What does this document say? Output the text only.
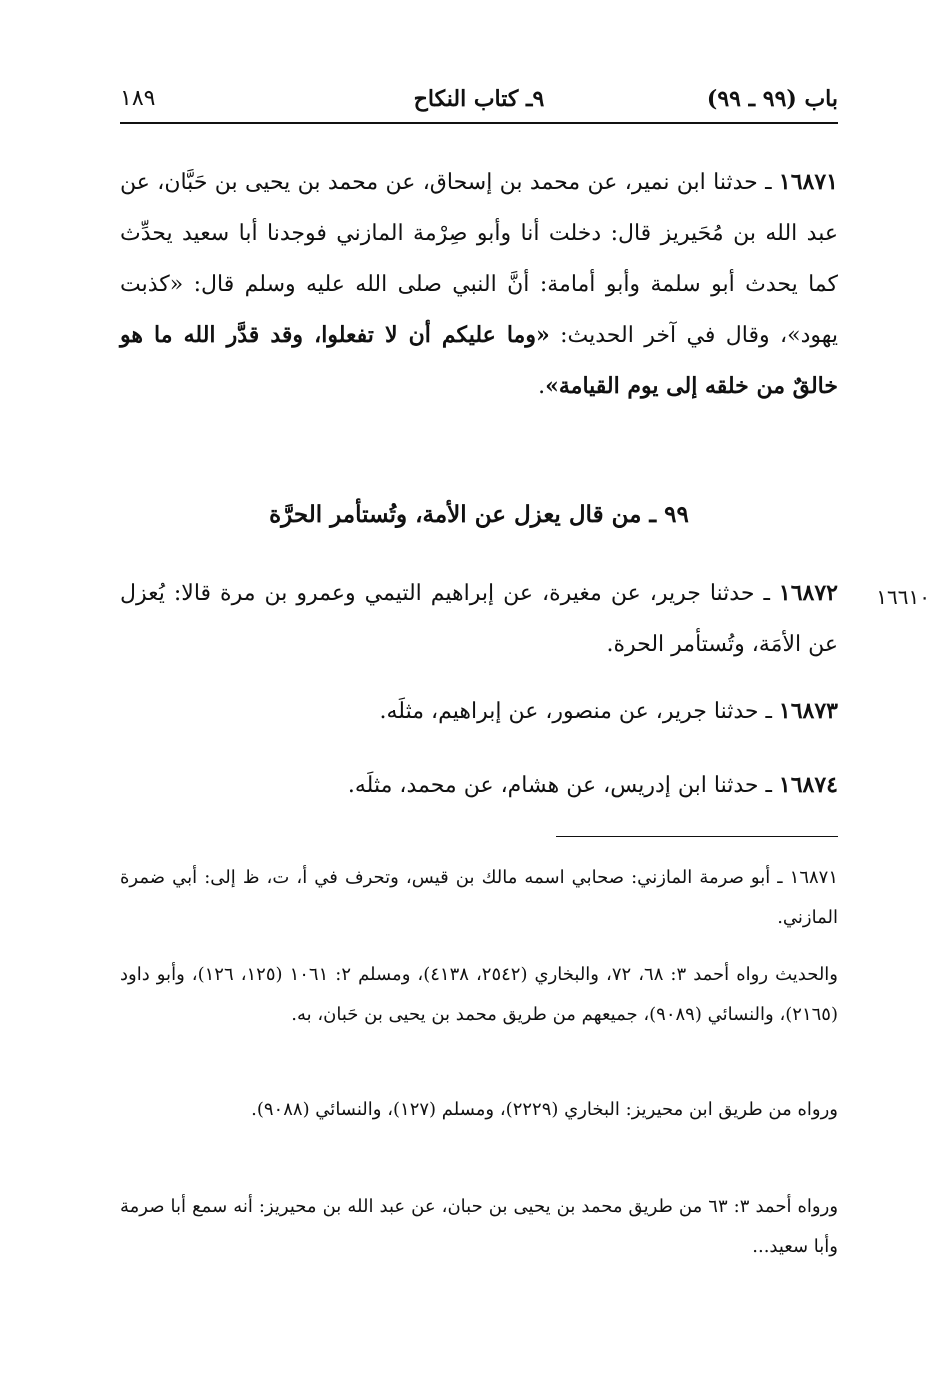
باب (٩٩ ـ ٩٩)
٩ـ كتاب النكاح
١٨٩
١٦٨٧١ ـ حدثنا ابن نمير، عن محمد بن إسحاق، عن محمد بن يحيى بن حَبَّان، عن عبد الله بن مُحَيريز قال: دخلت أنا وأبو صِرْمة المازني فوجدنا أبا سعيد يحدِّث كما يحدث أبو سلمة وأبو أمامة: أنَّ النبي صلى الله عليه وسلم قال: «كذبت يهود»، وقال في آخر الحديث: «وما عليكم أن لا تفعلوا، وقد قدَّر الله ما هو خالقٌ من خلقه إلى يوم القيامة».
٩٩ ـ من قال يعزل عن الأمة، وتُستأمر الحرَّة
١٦٦١٠
١٦٨٧٢ ـ حدثنا جرير، عن مغيرة، عن إبراهيم التيمي وعمرو بن مرة قالا: يُعزل عن الأمَة، وتُستأمر الحرة.
١٦٨٧٣ ـ حدثنا جرير، عن منصور، عن إبراهيم، مثلَه.
١٦٨٧٤ ـ حدثنا ابن إدريس، عن هشام، عن محمد، مثلَه.
١٦٨٧١ ـ أبو صرمة المازني: صحابي اسمه مالك بن قيس، وتحرف في أ، ت، ظ إلى: أبي ضمرة المازني.
والحديث رواه أحمد ٣: ٦٨، ٧٢، والبخاري (٢٥٤٢، ٤١٣٨)، ومسلم ٢: ١٠٦١ (١٢٥، ١٢٦)، وأبو داود (٢١٦٥)، والنسائي (٩٠٨٩)، جميعهم من طريق محمد بن يحيى بن حَبان، به.
ورواه من طريق ابن محيريز: البخاري (٢٢٢٩)، ومسلم (١٢٧)، والنسائي (٩٠٨٨).
ورواه أحمد ٣: ٦٣ من طريق محمد بن يحيى بن حبان، عن عبد الله بن محيريز: أنه سمع أبا صرمة وأبا سعيد...
